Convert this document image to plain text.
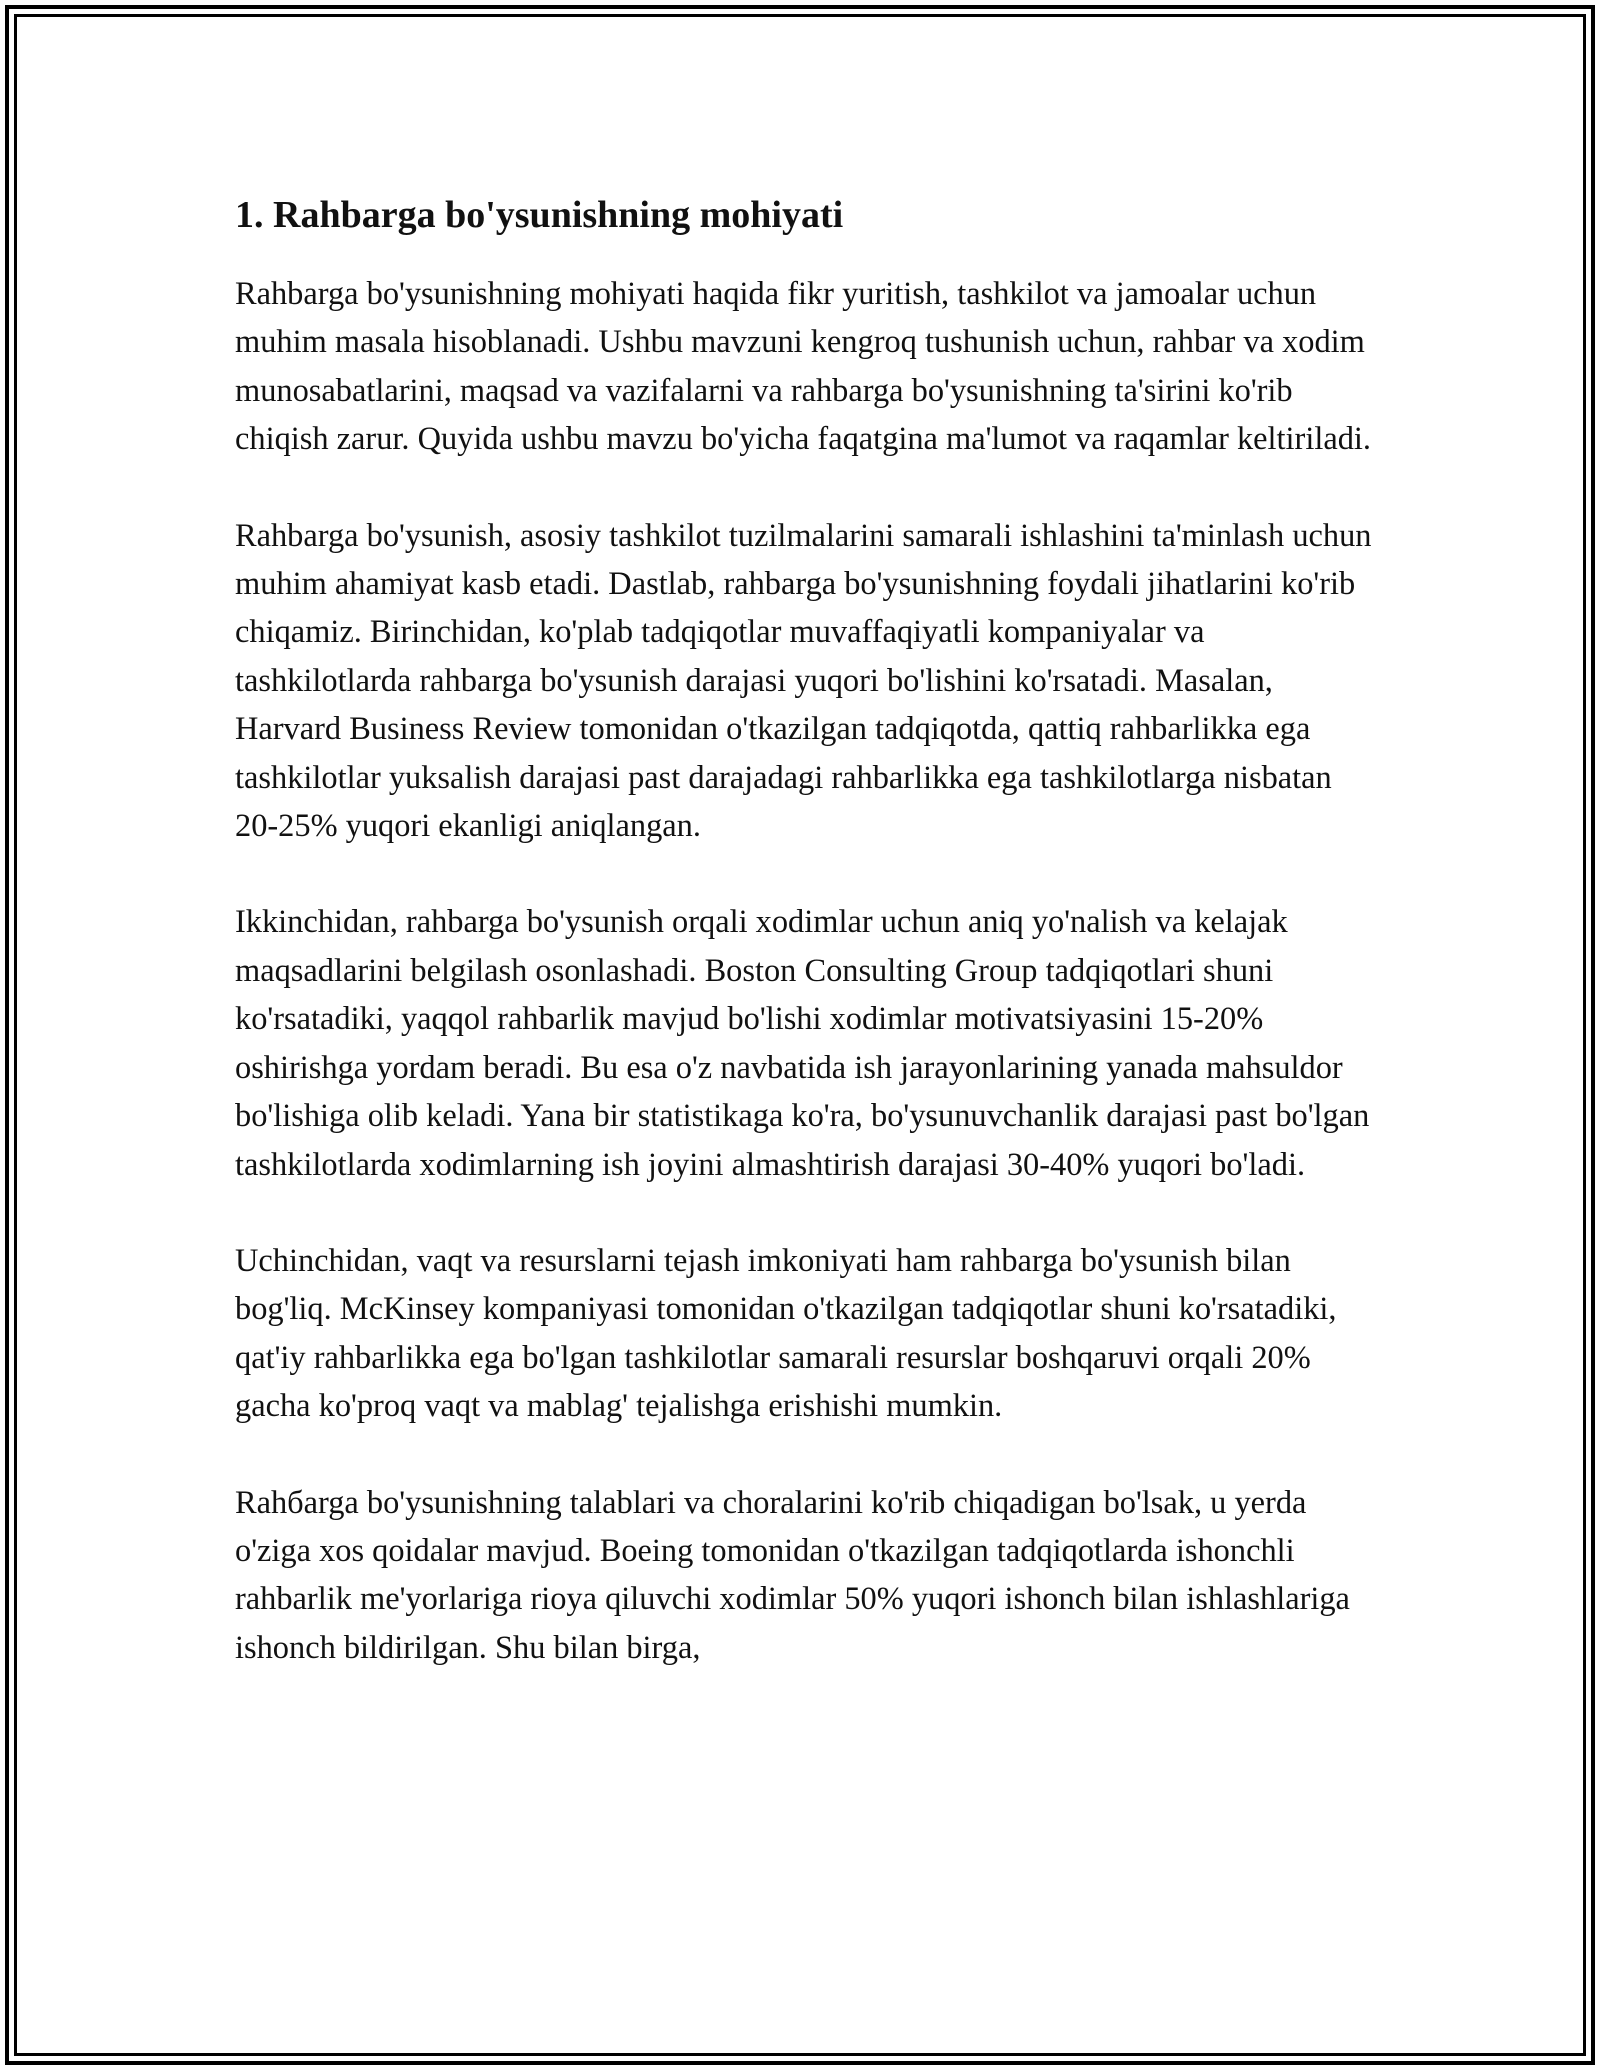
1. Rahbarga bo'ysunishning mohiyati

Rahbarga bo'ysunishning mohiyati haqida fikr yuritish, tashkilot va jamoalar uchun muhim masala hisoblanadi. Ushbu mavzuni kengroq tushunish uchun, rahbar va xodim munosabatlarini, maqsad va vazifalarni va rahbarga bo'ysunishning ta'sirini ko'rib chiqish zarur. Quyida ushbu mavzu bo'yicha faqatgina ma'lumot va raqamlar keltiriladi.

Rahbarga bo'ysunish, asosiy tashkilot tuzilmalarini samarali ishlashini ta'minlash uchun muhim ahamiyat kasb etadi. Dastlab, rahbarga bo'ysunishning foydali jihatlarini ko'rib chiqamiz. Birinchidan, ko'plab tadqiqotlar muvaffaqiyatli kompaniyalar va tashkilotlarda rahbarga bo'ysunish darajasi yuqori bo'lishini ko'rsatadi. Masalan, Harvard Business Review tomonidan o'tkazilgan tadqiqotda, qattiq rahbarlikka ega tashkilotlar yuksalish darajasi past darajadagi rahbarlikka ega tashkilotlarga nisbatan 20-25% yuqori ekanligi aniqlangan.

Ikkinchidan, rahbarga bo'ysunish orqali xodimlar uchun aniq yo'nalish va kelajak maqsadlarini belgilash osonlashadi. Boston Consulting Group tadqiqotlari shuni ko'rsatadiki, yaqqol rahbarlik mavjud bo'lishi xodimlar motivatsiyasini 15-20% oshirishga yordam beradi. Bu esa o'z navbatida ish jarayonlarining yanada mahsuldor bo'lishiga olib keladi. Yana bir statistikaga ko'ra, bo'ysunuvchanlik darajasi past bo'lgan tashkilotlarda xodimlarning ish joyini almashtirish darajasi 30-40% yuqori bo'ladi.

Uchinchidan, vaqt va resurslarni tejash imkoniyati ham rahbarga bo'ysunish bilan bog'liq. McKinsey kompaniyasi tomonidan o'tkazilgan tadqiqotlar shuni ko'rsatadiki, qat'iy rahbarlikka ega bo'lgan tashkilotlar samarali resurslar boshqaruvi orqali 20% gacha ko'proq vaqt va mablag' tejalishga erishishi mumkin.

Rahбarga bo'ysunishning talablari va choralarini ko'rib chiqadigan bo'lsak, u yerda o'ziga xos qoidalar mavjud. Boeing tomonidan o'tkazilgan tadqiqotlarda ishonchli rahbarlik me'yorlariga rioya qiluvchi xodimlar 50% yuqori ishonch bilan ishlashlariga ishonch bildirilgan. Shu bilan birga,
